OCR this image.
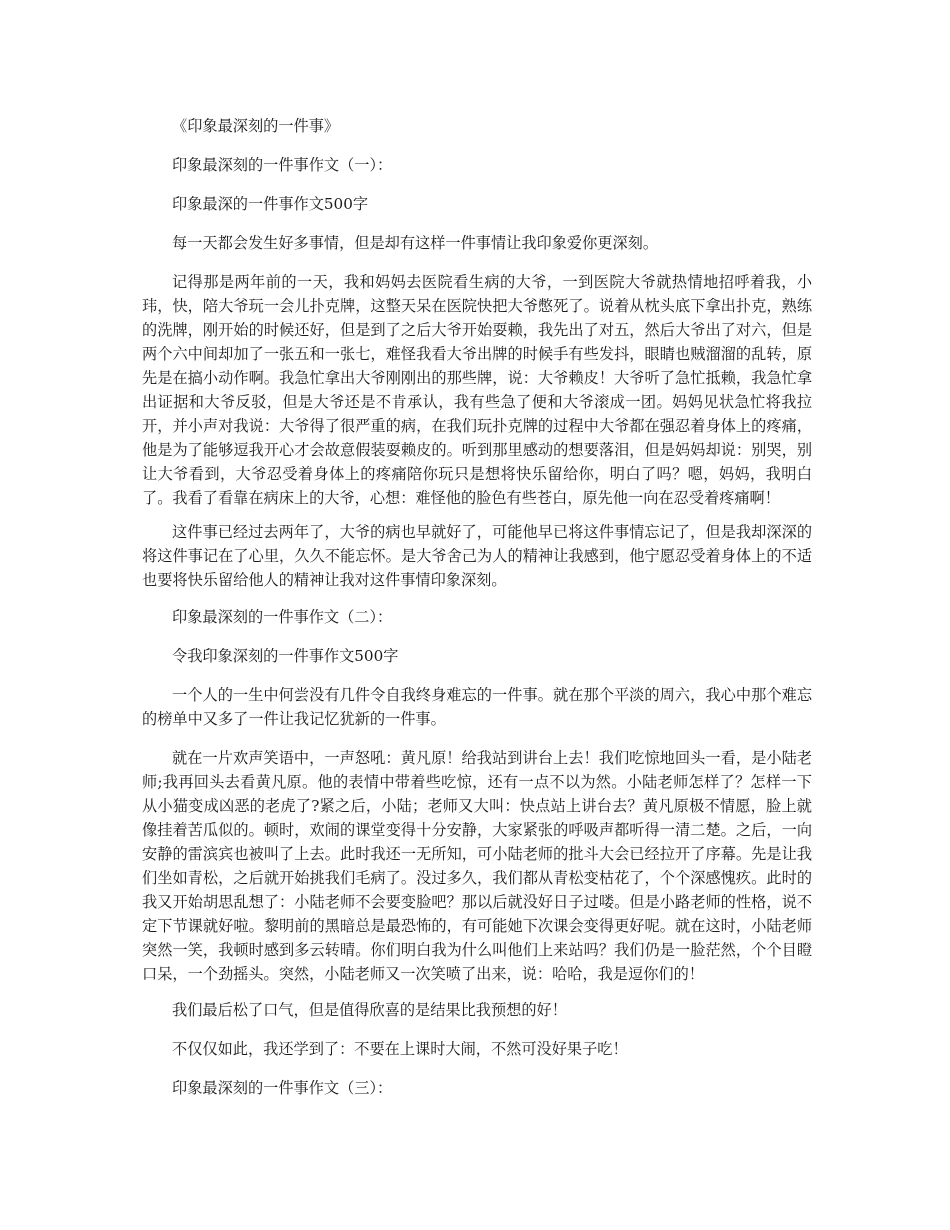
《印象最深刻的一件事》

印象最深刻的一件事作文（一）：

印象最深的一件事作文500字

每一天都会发生好多事情，但是却有这样一件事情让我印象爱你更深刻。

记得那是两年前的一天，我和妈妈去医院看生病的大爷，一到医院大爷就热情地招呼着我，小玮，快，陪大爷玩一会儿扑克牌，这整天呆在医院快把大爷憋死了。说着从枕头底下拿出扑克，熟练的洗牌，刚开始的时候还好，但是到了之后大爷开始耍赖，我先出了对五，然后大爷出了对六，但是两个六中间却加了一张五和一张七，难怪我看大爷出牌的时候手有些发抖，眼睛也贼溜溜的乱转，原先是在搞小动作啊。我急忙拿出大爷刚刚出的那些牌，说：大爷赖皮！大爷听了急忙抵赖，我急忙拿出证据和大爷反驳，但是大爷还是不肯承认，我有些急了便和大爷滚成一团。妈妈见状急忙将我拉开，并小声对我说：大爷得了很严重的病，在我们玩扑克牌的过程中大爷都在强忍着身体上的疼痛，他是为了能够逗我开心才会故意假装耍赖皮的。听到那里感动的想要落泪，但是妈妈却说：别哭，别让大爷看到，大爷忍受着身体上的疼痛陪你玩只是想将快乐留给你，明白了吗？嗯，妈妈，我明白了。我看了看靠在病床上的大爷，心想：难怪他的脸色有些苍白，原先他一向在忍受着疼痛啊！

这件事已经过去两年了，大爷的病也早就好了，可能他早已将这件事情忘记了，但是我却深深的将这件事记在了心里，久久不能忘怀。是大爷舍己为人的精神让我感到，他宁愿忍受着身体上的不适也要将快乐留给他人的精神让我对这件事情印象深刻。

印象最深刻的一件事作文（二）：

令我印象深刻的一件事作文500字

一个人的一生中何尝没有几件令自我终身难忘的一件事。就在那个平淡的周六，我心中那个难忘的榜单中又多了一件让我记忆犹新的一件事。

就在一片欢声笑语中，一声怒吼：黄凡原！给我站到讲台上去！我们吃惊地回头一看，是小陆老师;我再回头去看黄凡原。他的表情中带着些吃惊，还有一点不以为然。小陆老师怎样了？怎样一下从小猫变成凶恶的老虎了?紧之后，小陆；老师又大叫：快点站上讲台去？黄凡原极不情愿，脸上就像挂着苦瓜似的。顿时，欢闹的课堂变得十分安静，大家紧张的呼吸声都听得一清二楚。之后，一向安静的雷滨宾也被叫了上去。此时我还一无所知，可小陆老师的批斗大会已经拉开了序幕。先是让我们坐如青松，之后就开始挑我们毛病了。没过多久，我们都从青松变枯花了，个个深感愧疚。此时的我又开始胡思乱想了：小陆老师不会要变脸吧？那以后就没好日子过喽。但是小路老师的性格，说不定下节课就好啦。黎明前的黑暗总是最恐怖的，有可能她下次课会变得更好呢。就在这时，小陆老师突然一笑，我顿时感到多云转晴。你们明白我为什么叫他们上来站吗？我们仍是一脸茫然，个个目瞪口呆，一个劲摇头。突然，小陆老师又一次笑喷了出来，说：哈哈，我是逗你们的！

我们最后松了口气，但是值得欣喜的是结果比我预想的好！

不仅仅如此，我还学到了：不要在上课时大闹，不然可没好果子吃！

印象最深刻的一件事作文（三）：
